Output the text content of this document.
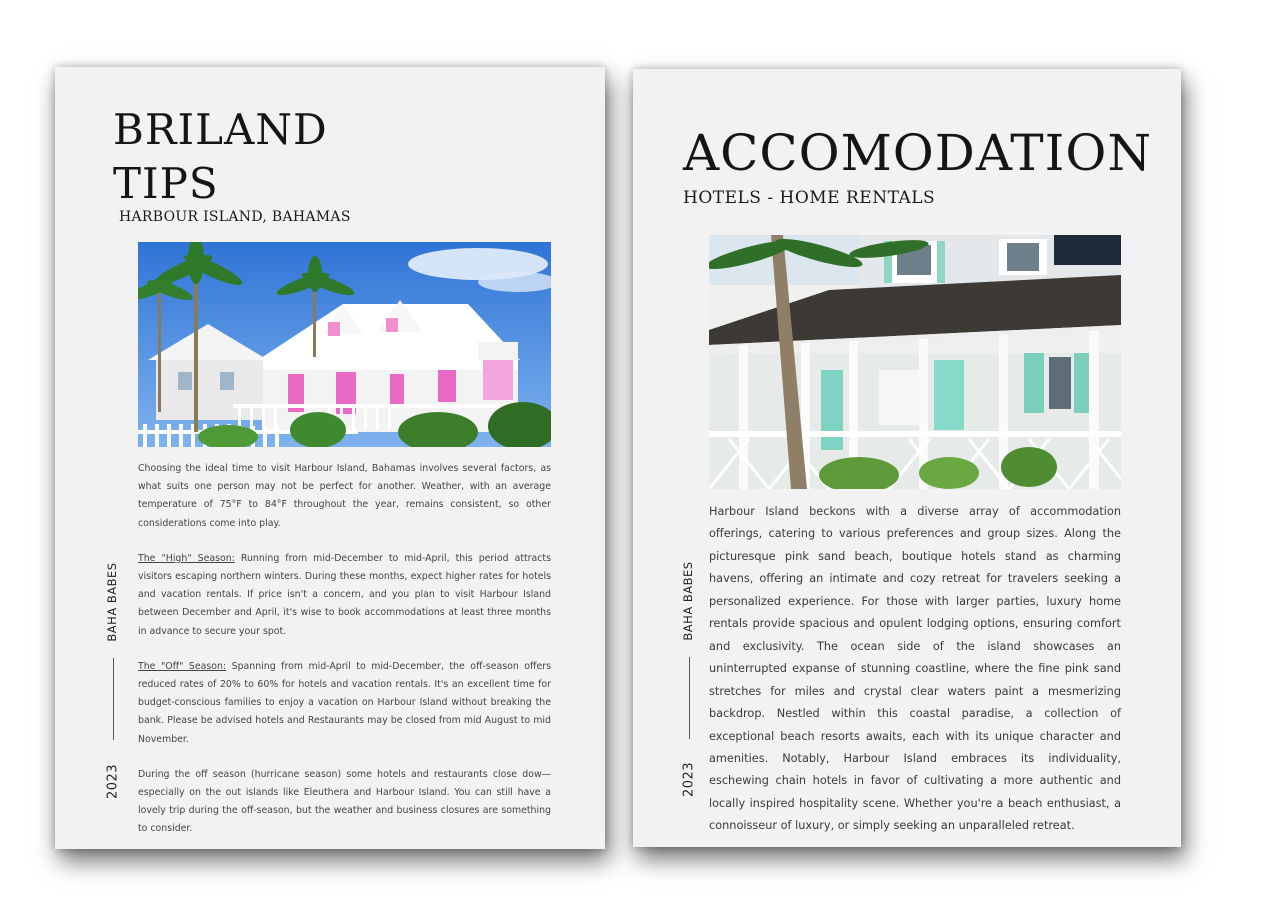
BRILAND
TIPS
HARBOUR ISLAND, BAHAMAS

Choosing the ideal time to visit Harbour Island, Bahamas involves several factors, as what suits one person may not be perfect for another. Weather, with an average temperature of 75°F to 84°F throughout the year, remains consistent, so other considerations come into play.

The "High" Season: Running from mid-December to mid-April, this period attracts visitors escaping northern winters. During these months, expect higher rates for hotels and vacation rentals. If price isn't a concern, and you plan to visit Harbour Island between December and April, it's wise to book accommodations at least three months in advance to secure your spot.

The "Off" Season: Spanning from mid-April to mid-December, the off-season offers reduced rates of 20% to 60% for hotels and vacation rentals. It's an excellent time for budget-conscious families to enjoy a vacation on Harbour Island without breaking the bank. Please be advised hotels and Restaurants may be closed from mid August to mid November.

During the off season (hurricane season) some hotels and restaurants close dow—especially on the out islands like Eleuthera and Harbour Island. You can still have a lovely trip during the off-season, but the weather and business closures are something to consider.

BAHA BABES
2023
ACCOMODATION
HOTELS - HOME RENTALS

Harbour Island beckons with a diverse array of accommodation offerings, catering to various preferences and group sizes. Along the picturesque pink sand beach, boutique hotels stand as charming havens, offering an intimate and cozy retreat for travelers seeking a personalized experience. For those with larger parties, luxury home rentals provide spacious and opulent lodging options, ensuring comfort and exclusivity. The ocean side of the island showcases an uninterrupted expanse of stunning coastline, where the fine pink sand stretches for miles and crystal clear waters paint a mesmerizing backdrop. Nestled within this coastal paradise, a collection of exceptional beach resorts awaits, each with its unique character and amenities. Notably, Harbour Island embraces its individuality, eschewing chain hotels in favor of cultivating a more authentic and locally inspired hospitality scene. Whether you're a beach enthusiast, a connoisseur of luxury, or simply seeking an unparalleled retreat.

BAHA BABES
2023
